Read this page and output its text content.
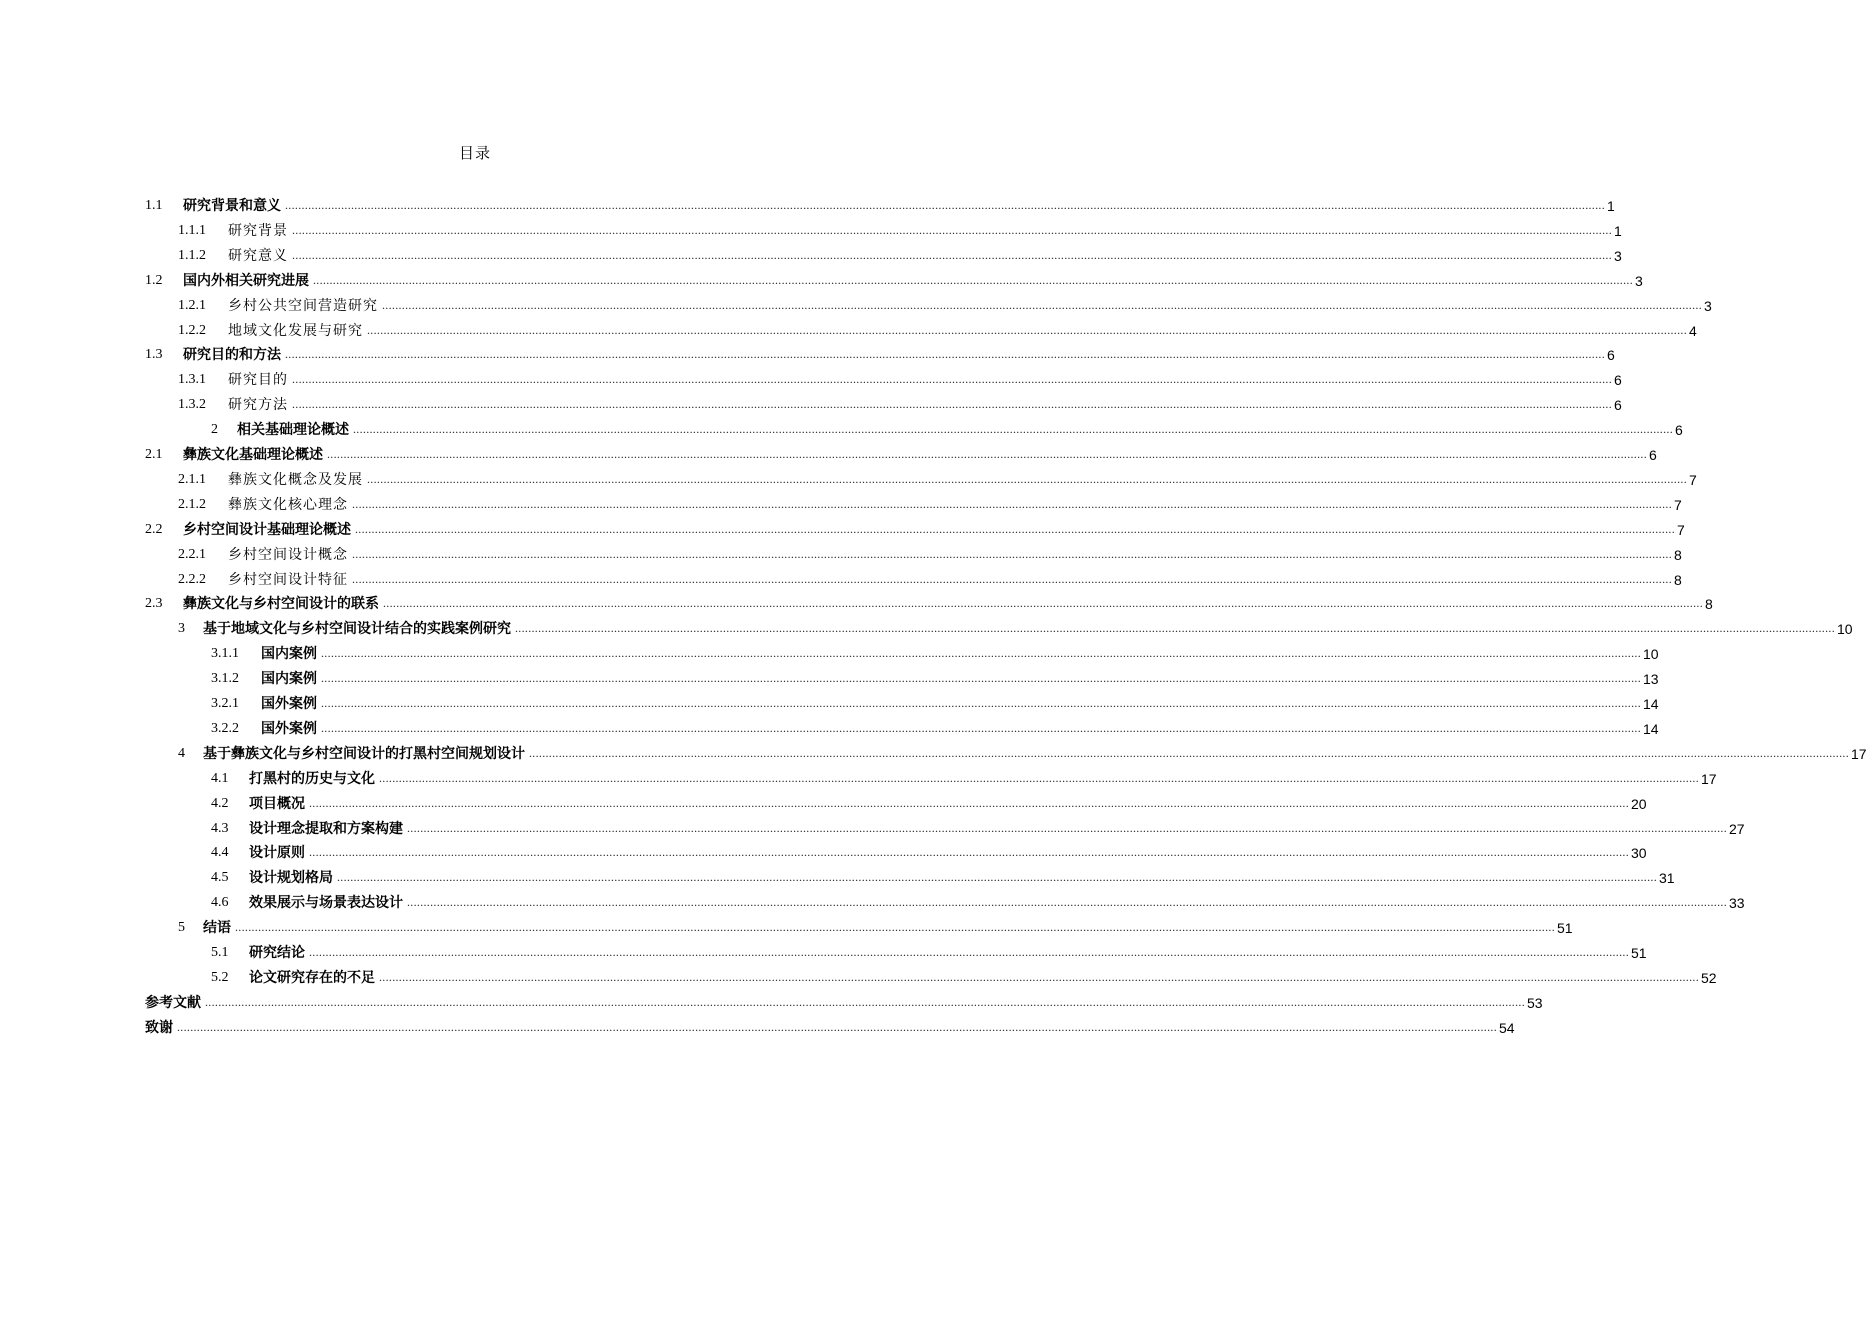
目录
1.1	研究背景和意义 ................................................................................................................................................................................................................................................................................................................................................................................................................ 1
1.1.1	研究背景 ................................................................................................................................................................................................................................................................................................................................................................................................................ 1
1.1.2	研究意义 ................................................................................................................................................................................................................................................................................................................................................................................................................ 3
1.2	国内外相关研究进展 ................................................................................................................................................................................................................................................................................................................................................................................................................ 3
1.2.1	乡村公共空间营造研究 ................................................................................................................................................................................................................................................................................................................................................................................................................ 3
1.2.2	地域文化发展与研究 ................................................................................................................................................................................................................................................................................................................................................................................................................ 4
1.3	研究目的和方法 ................................................................................................................................................................................................................................................................................................................................................................................................................ 6
1.3.1	研究目的 ................................................................................................................................................................................................................................................................................................................................................................................................................ 6
1.3.2	研究方法 ................................................................................................................................................................................................................................................................................................................................................................................................................ 6
2	相关基础理论概述 ................................................................................................................................................................................................................................................................................................................................................................................................................ 6
2.1	彝族文化基础理论概述 ................................................................................................................................................................................................................................................................................................................................................................................................................ 6
2.1.1	彝族文化概念及发展 ................................................................................................................................................................................................................................................................................................................................................................................................................ 7
2.1.2	彝族文化核心理念 ................................................................................................................................................................................................................................................................................................................................................................................................................ 7
2.2	乡村空间设计基础理论概述 ................................................................................................................................................................................................................................................................................................................................................................................................................ 7
2.2.1	乡村空间设计概念 ................................................................................................................................................................................................................................................................................................................................................................................................................ 8
2.2.2	乡村空间设计特征 ................................................................................................................................................................................................................................................................................................................................................................................................................ 8
2.3	彝族文化与乡村空间设计的联系 ................................................................................................................................................................................................................................................................................................................................................................................................................ 8
3	基于地域文化与乡村空间设计结合的实践案例研究 ................................................................................................................................................................................................................................................................................................................................................................................................................ 10
3.1.1	国内案例 ................................................................................................................................................................................................................................................................................................................................................................................................................ 10
3.1.2	国内案例 ................................................................................................................................................................................................................................................................................................................................................................................................................ 13
3.2.1	国外案例 ................................................................................................................................................................................................................................................................................................................................................................................................................ 14
3.2.2	国外案例 ................................................................................................................................................................................................................................................................................................................................................................................................................ 14
4	基于彝族文化与乡村空间设计的打黑村空间规划设计 ................................................................................................................................................................................................................................................................................................................................................................................................................ 17
4.1	打黑村的历史与文化 ................................................................................................................................................................................................................................................................................................................................................................................................................ 17
4.2	项目概况 ................................................................................................................................................................................................................................................................................................................................................................................................................ 20
4.3	设计理念提取和方案构建 ................................................................................................................................................................................................................................................................................................................................................................................................................ 27
4.4	设计原则 ................................................................................................................................................................................................................................................................................................................................................................................................................ 30
4.5	设计规划格局 ................................................................................................................................................................................................................................................................................................................................................................................................................ 31
4.6	效果展示与场景表达设计 ................................................................................................................................................................................................................................................................................................................................................................................................................ 33
5	结语 ................................................................................................................................................................................................................................................................................................................................................................................................................ 51
5.1	研究结论 ................................................................................................................................................................................................................................................................................................................................................................................................................ 51
5.2	论文研究存在的不足 ................................................................................................................................................................................................................................................................................................................................................................................................................ 52
参考文献 ................................................................................................................................................................................................................................................................................................................................................................................................................ 53
致谢 ................................................................................................................................................................................................................................................................................................................................................................................................................ 54
